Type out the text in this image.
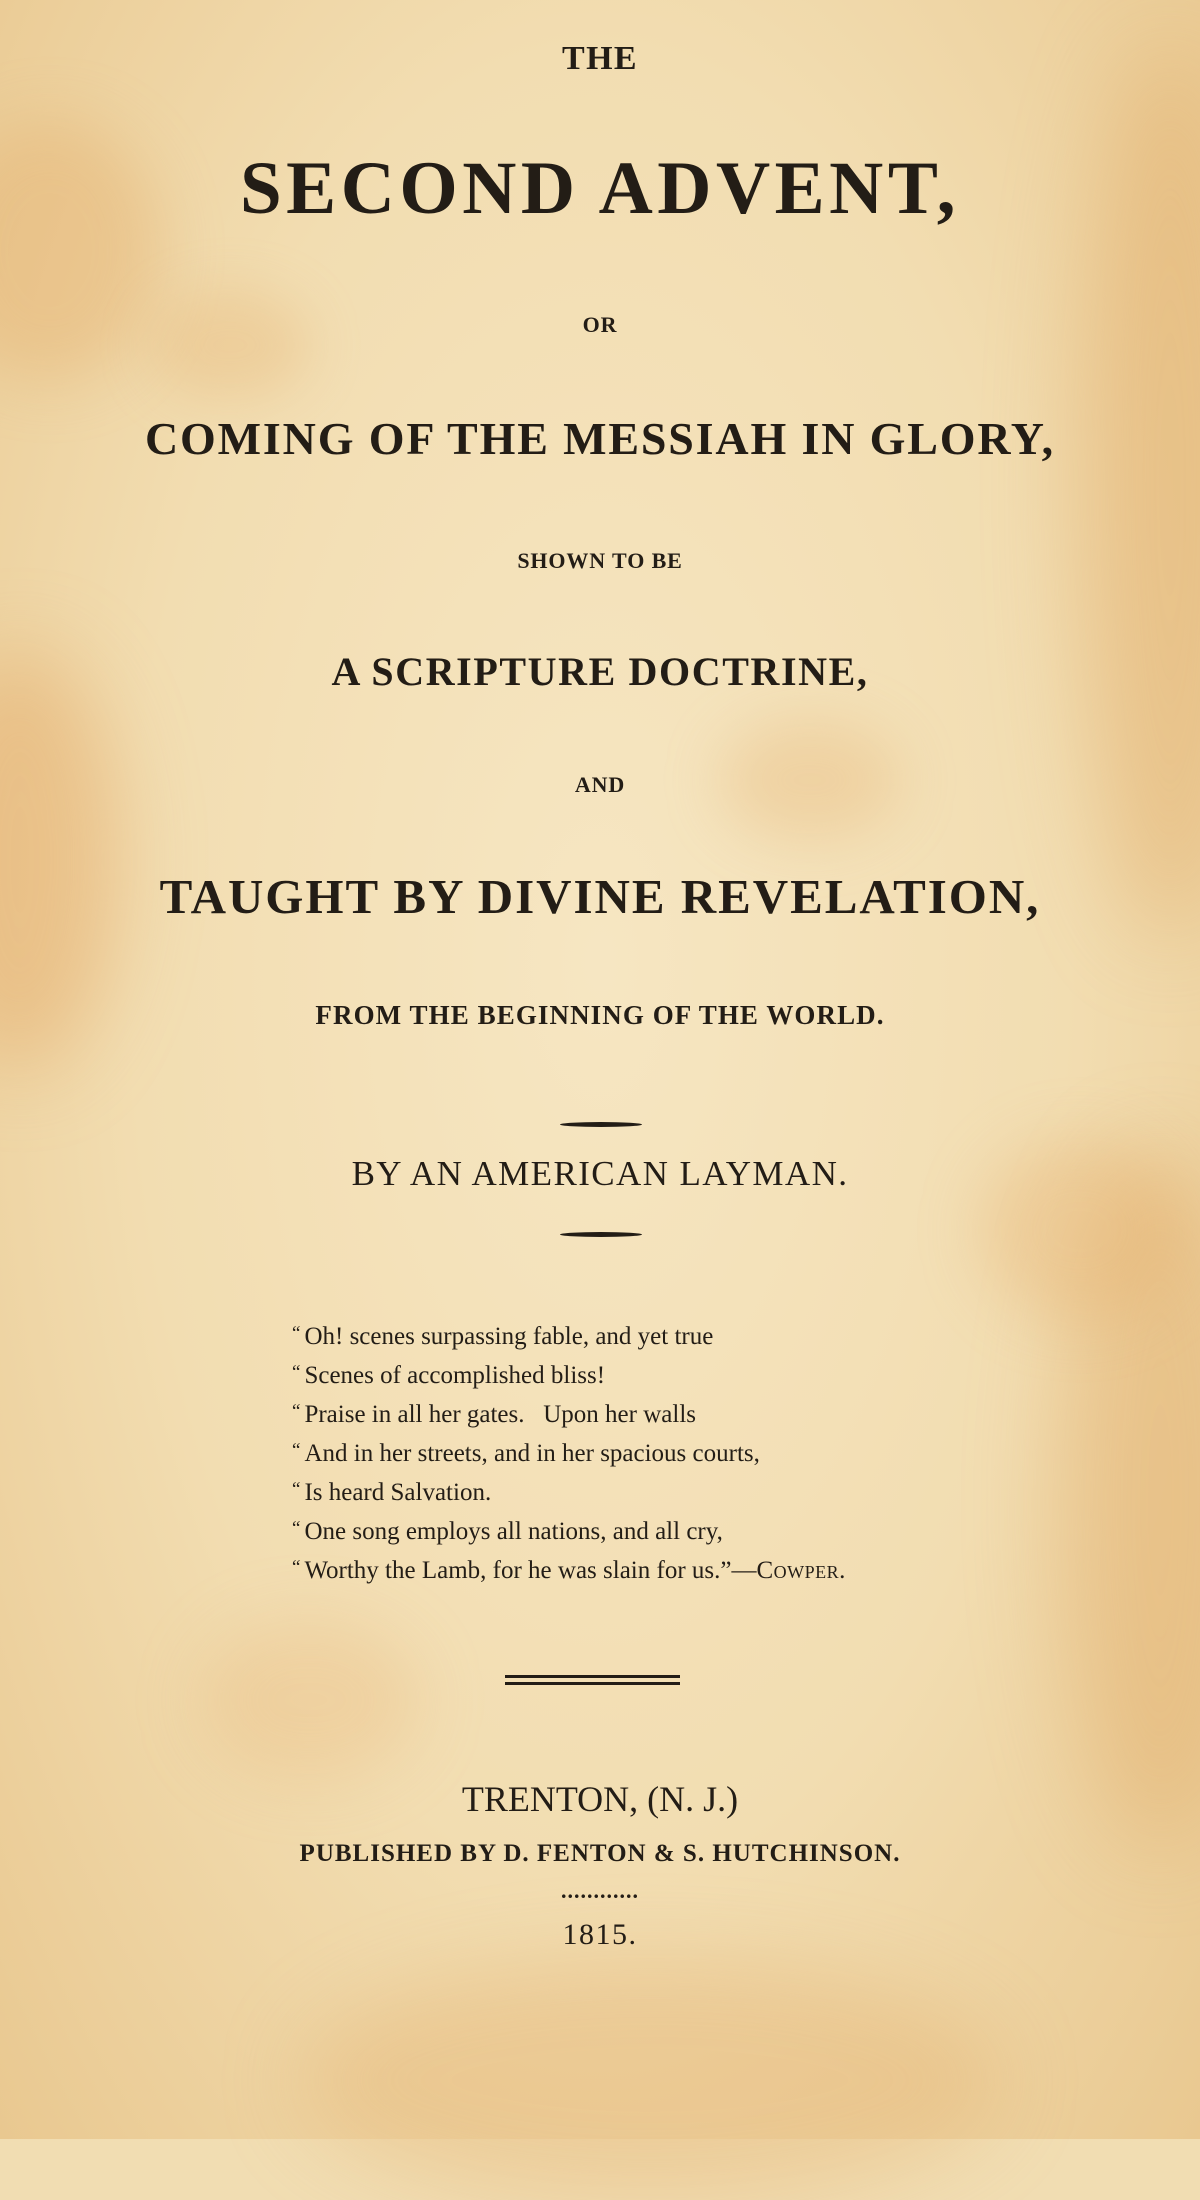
THE
SECOND ADVENT,
OR
COMING OF THE MESSIAH IN GLORY,
SHOWN TO BE
A SCRIPTURE DOCTRINE,
AND
TAUGHT BY DIVINE REVELATION,
FROM THE BEGINNING OF THE WORLD.
BY AN AMERICAN LAYMAN.
“ Oh! scenes surpassing fable, and yet true
“ Scenes of accomplished bliss!
“ Praise in all her gates.   Upon her walls
“ And in her streets, and in her spacious courts,
“ Is heard Salvation.
“ One song employs all nations, and all cry,
“ Worthy the Lamb, for he was slain for us.”—Cowper.
TRENTON, (N. J.)
PUBLISHED BY D. FENTON & S. HUTCHINSON.
............
1815.
